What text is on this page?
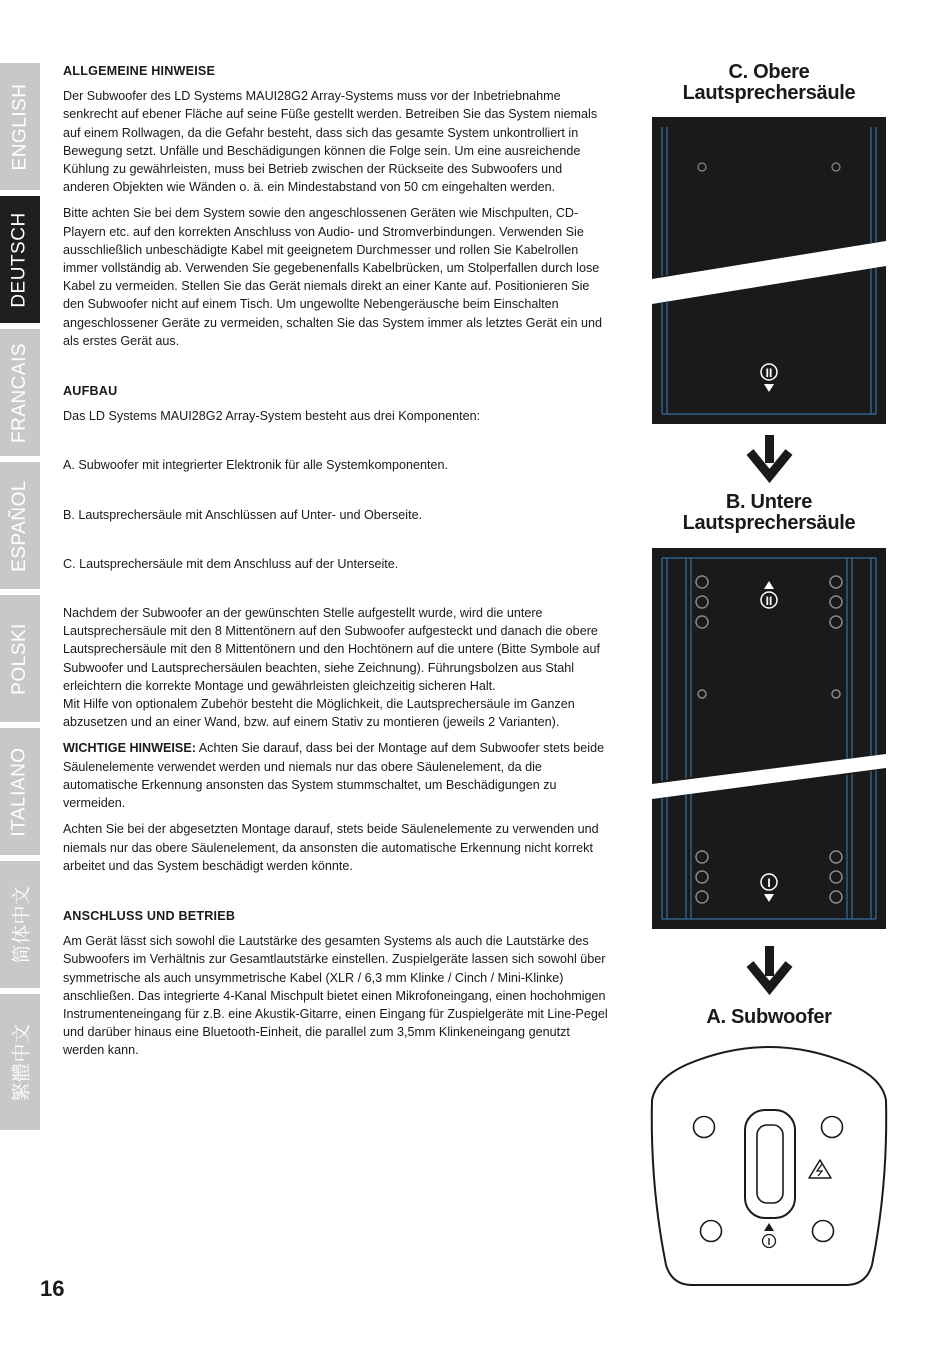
ENGLISH
DEUTSCH
FRANCAIS
ESPAÑOL
POLSKI
ITALIANO
简体中文
繁體中文

ALLGEMEINE HINWEISE

Der Subwoofer des LD Systems MAUI28G2 Array-Systems muss vor der Inbetriebnahme senkrecht auf ebener Fläche auf seine Füße gestellt werden. Betreiben Sie das System niemals auf einem Rollwagen, da die Gefahr besteht, dass sich das gesamte System unkontrolliert in Bewegung setzt. Unfälle und Beschädigungen können die Folge sein. Um eine ausreichende Kühlung zu gewährleisten, muss bei Betrieb zwischen der Rückseite des Subwoofers und anderen Objekten wie Wänden o. ä. ein Mindestabstand von 50 cm eingehalten werden.

Bitte achten Sie bei dem System sowie den angeschlossenen Geräten wie Mischpulten, CD-Playern etc. auf den korrekten Anschluss von Audio- und Stromverbindungen. Verwenden Sie ausschließlich unbeschädigte Kabel mit geeignetem Durchmesser und rollen Sie Kabelrollen immer vollständig ab. Verwenden Sie gegebenenfalls Kabelbrücken, um Stolperfallen durch lose Kabel zu vermeiden. Stellen Sie das Gerät niemals direkt an einer Kante auf. Positionieren Sie den Subwoofer nicht auf einem Tisch. Um ungewollte Nebengeräusche beim Einschalten angeschlossener Geräte zu vermeiden, schalten Sie das System immer als letztes Gerät ein und als erstes Gerät aus.

AUFBAU

Das LD Systems MAUI28G2 Array-System besteht aus drei Komponenten:

A. Subwoofer mit integrierter Elektronik für alle Systemkomponenten.

B. Lautsprechersäule mit Anschlüssen auf Unter- und Oberseite.

C. Lautsprechersäule mit dem Anschluss auf der Unterseite.

Nachdem der Subwoofer an der gewünschten Stelle aufgestellt wurde, wird die untere Lautsprechersäule mit den 8 Mittentönern auf den Subwoofer aufgesteckt und danach die obere Lautsprechersäule mit den 8 Mittentönern und den Hochtönern auf die untere (Bitte Symbole auf Subwoofer und Lautsprechersäulen beachten, siehe Zeichnung). Führungsbolzen aus Stahl erleichtern die korrekte Montage und gewährleisten gleichzeitig sicheren Halt.

Mit Hilfe von optionalem Zubehör besteht die Möglichkeit, die Lautsprechersäule im Ganzen abzusetzen und an einer Wand, bzw. auf einem Stativ zu montieren (jeweils 2 Varianten).

WICHTIGE HINWEISE: Achten Sie darauf, dass bei der Montage auf dem Subwoofer stets beide Säulenelemente verwendet werden und niemals nur das obere Säulenelement, da die automatische Erkennung ansonsten das System stummschaltet, um Beschädigungen zu vermeiden.

Achten Sie bei der abgesetzten Montage darauf, stets beide Säulenelemente zu verwenden und niemals nur das obere Säulenelement, da ansonsten die automatische Erkennung nicht korrekt arbeitet und das System beschädigt werden könnte.

ANSCHLUSS UND BETRIEB

Am Gerät lässt sich sowohl die Lautstärke des gesamten Systems als auch die Lautstärke des Subwoofers im Verhältnis zur Gesamtlautstärke einstellen. Zuspielgeräte lassen sich sowohl über symmetrische als auch unsymmetrische Kabel (XLR / 6,3 mm Klinke / Cinch / Mini-Klinke) anschließen. Das integrierte 4-Kanal Mischpult bietet einen Mikrofoneingang, einen hochohmigen Instrumenteneingang für z.B. eine Akustik-Gitarre, einen Eingang für Zuspielgeräte mit Line-Pegel und darüber hinaus eine Bluetooth-Einheit, die parallel zum 3,5mm Klinkeneingang genutzt werden kann.

C. Obere
Lautsprechersäule
B. Untere
Lautsprechersäule
A. Subwoofer
II
II
I
I
16
